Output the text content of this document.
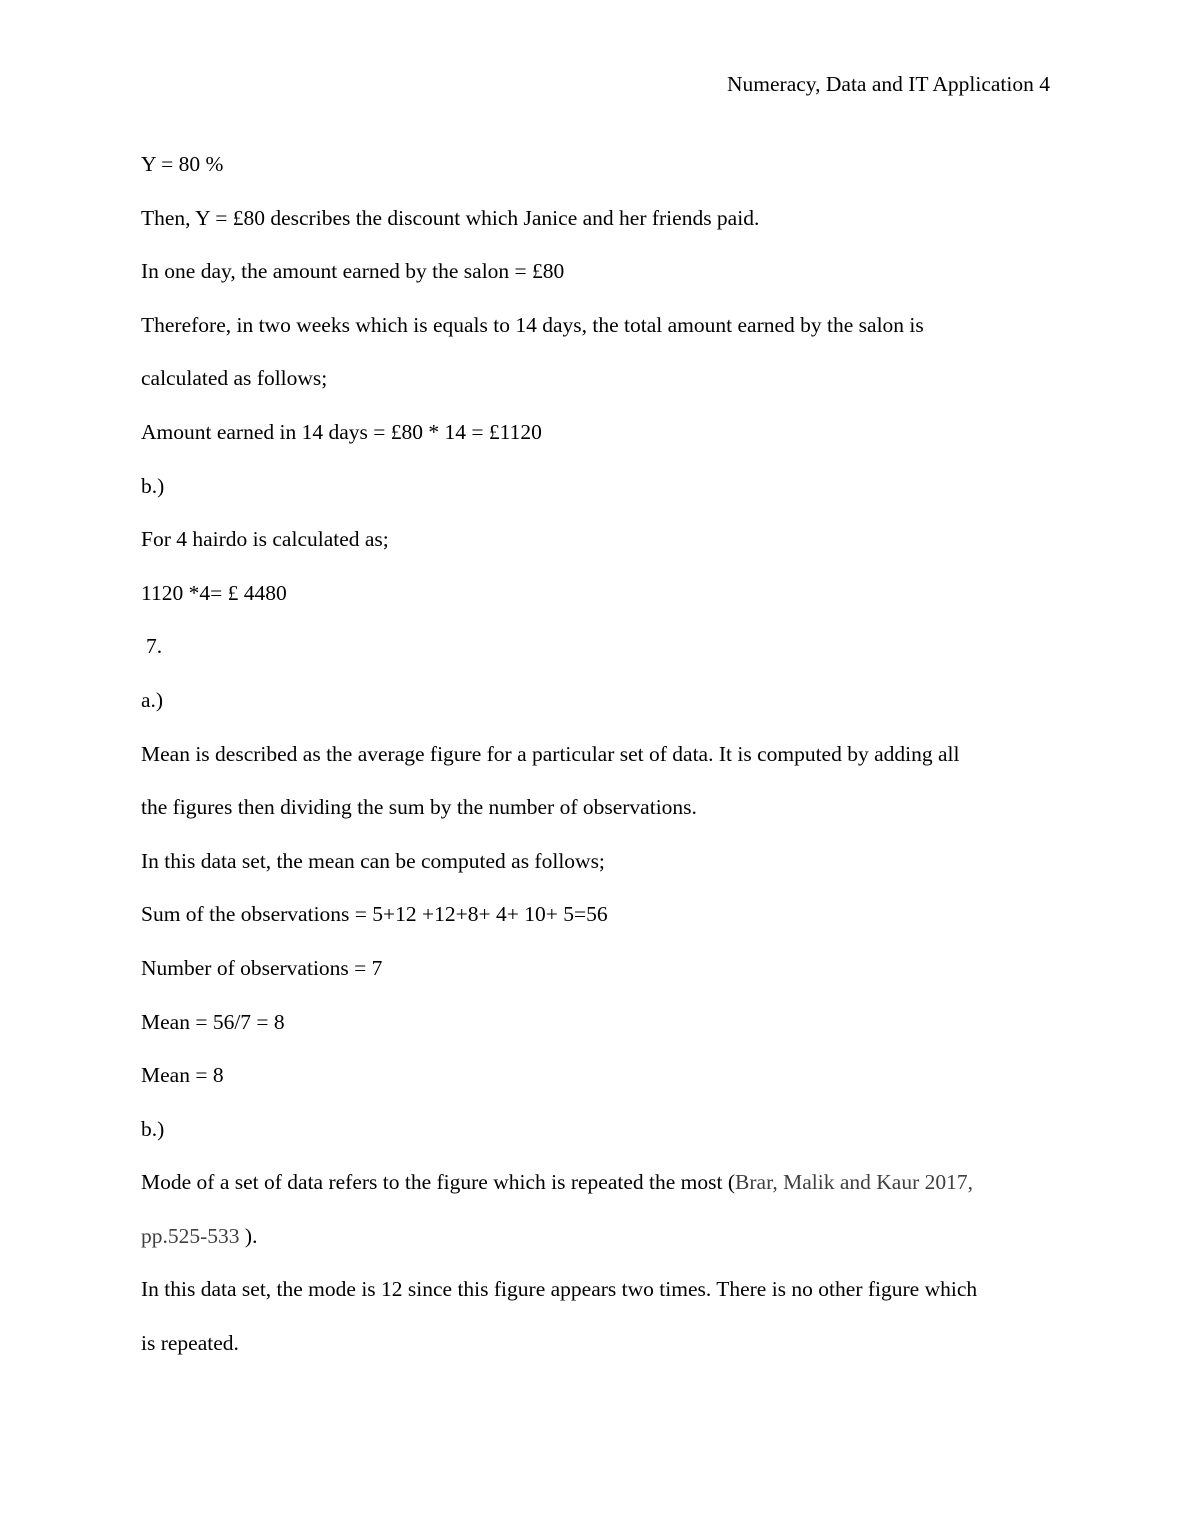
Numeracy, Data and IT Application 4
Y = 80 %
Then, Y = £80 describes the discount which Janice and her friends paid.
In one day, the amount earned by the salon = £80
Therefore, in two weeks which is equals to 14 days, the total amount earned by the salon is
calculated as follows;
Amount earned in 14 days = £80 * 14 = £1120
b.)
For 4 hairdo is calculated as;
1120 *4= £ 4480
7.
a.)
Mean is described as the average figure for a particular set of data. It is computed by adding all
the figures then dividing the sum by the number of observations.
In this data set, the mean can be computed as follows;
Sum of the observations = 5+12 +12+8+ 4+ 10+ 5=56
Number of observations = 7
Mean = 56/7 = 8
Mean = 8
b.)
Mode of a set of data refers to the figure which is repeated the most (Brar, Malik and Kaur 2017,
pp.525-533 ).
In this data set, the mode is 12 since this figure appears two times. There is no other figure which
is repeated.
